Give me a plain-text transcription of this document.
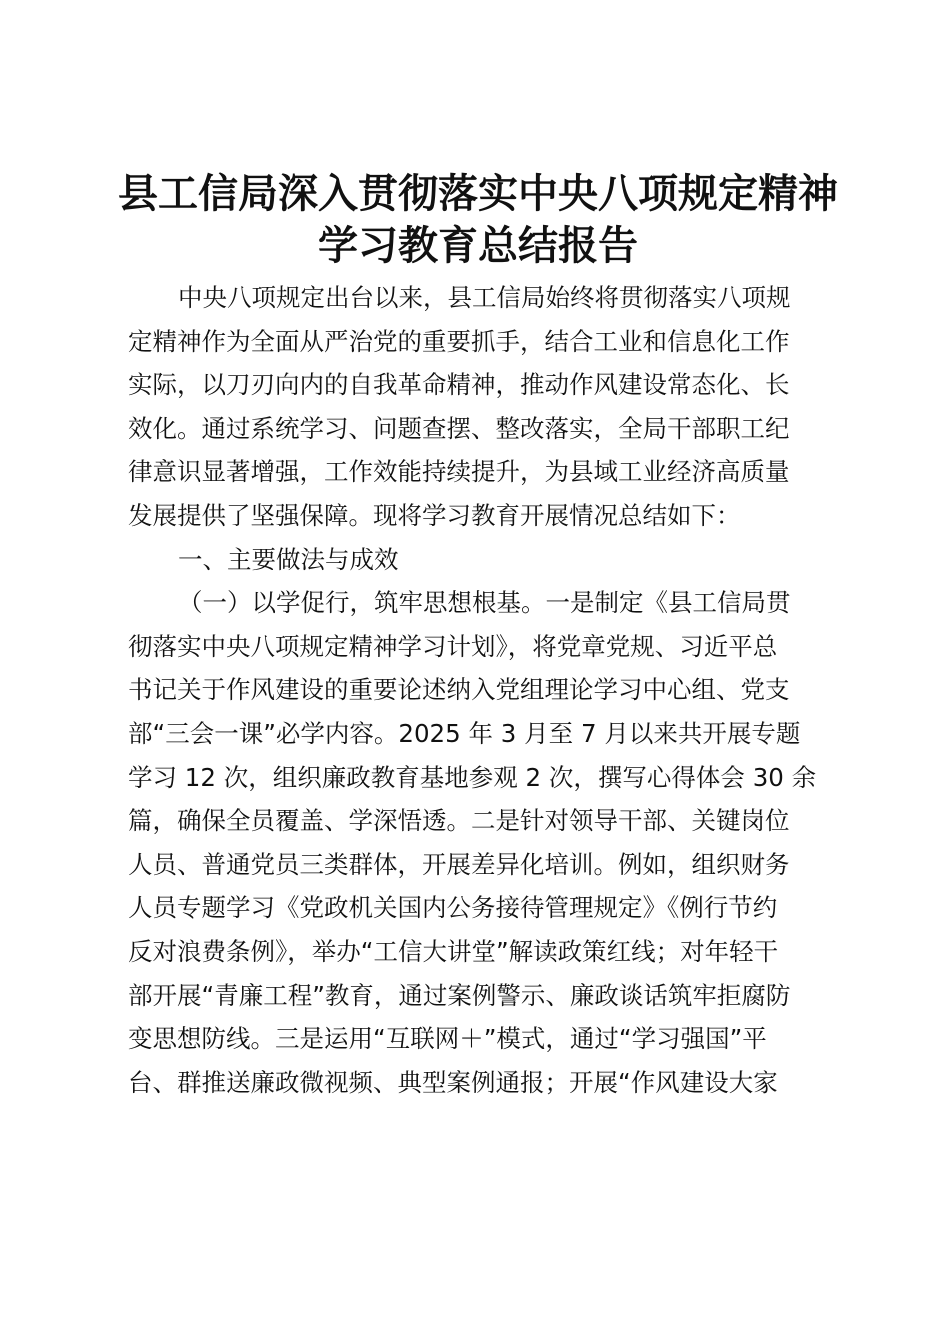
县工信局深入贯彻落实中央八项规定精神学习教育总结报告
中央八项规定出台以来，县工信局始终将贯彻落实八项规
定精神作为全面从严治党的重要抓手，结合工业和信息化工作
实际，以刀刃向内的自我革命精神，推动作风建设常态化、长
效化。通过系统学习、问题查摆、整改落实，全局干部职工纪
律意识显著增强，工作效能持续提升，为县域工业经济高质量
发展提供了坚强保障。现将学习教育开展情况总结如下：
一、主要做法与成效
（一）以学促行，筑牢思想根基。一是制定《县工信局贯
彻落实中央八项规定精神学习计划》，将党章党规、习近平总
书记关于作风建设的重要论述纳入党组理论学习中心组、党支
部“三会一课”必学内容。2025 年 3 月至 7 月以来共开展专题
学习 12 次，组织廉政教育基地参观 2 次，撰写心得体会 30 余
篇，确保全员覆盖、学深悟透。二是针对领导干部、关键岗位
人员、普通党员三类群体，开展差异化培训。例如，组织财务
人员专题学习《党政机关国内公务接待管理规定》《例行节约
反对浪费条例》，举办“工信大讲堂”解读政策红线；对年轻干
部开展“青廉工程”教育，通过案例警示、廉政谈话筑牢拒腐防
变思想防线。三是运用“互联网＋”模式，通过“学习强国”平
台、群推送廉政微视频、典型案例通报；开展“作风建设大家
